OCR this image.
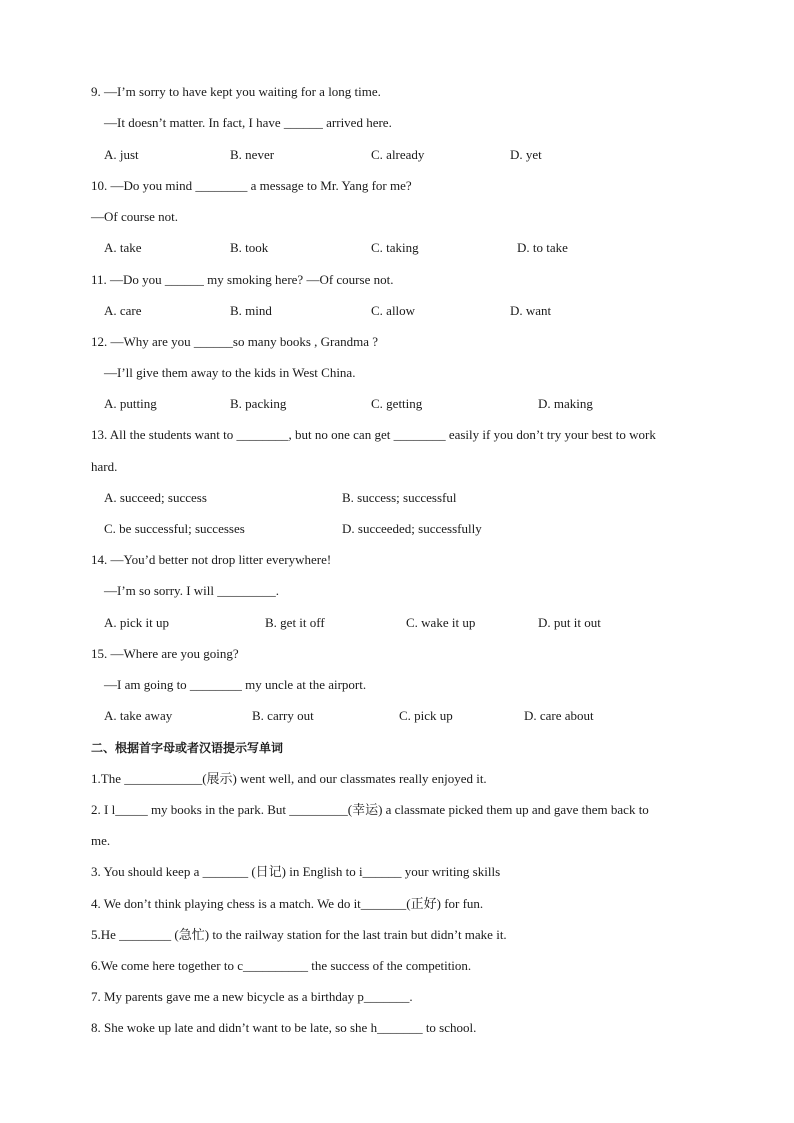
9. —I’m sorry to have kept you waiting for a long time.
—It doesn’t matter. In fact, I have ______ arrived here.
A. just	B. never	C. already	D. yet
10. —Do you mind ________ a message to Mr. Yang for me?
—Of course not.
A. take	B. took	C. taking	D. to take
11. —Do you ______ my smoking here? —Of course not.
A. care	B. mind	C. allow	D. want
12. —Why are you ______so many books , Grandma ?
—I’ll give them away to the kids in West China.
A. putting	B. packing	C. getting	D. making
13. All the students want to ________, but no one can get ________ easily if you don’t try your best to work
hard.
A. succeed; success	B. success; successful
C. be successful; successes	D. succeeded; successfully
14. —You’d better not drop litter everywhere!
—I’m so sorry. I will _________.
A. pick it up	B. get it off	C. wake it up	D. put it out
15. —Where are you going?
—I am going to ________ my uncle at the airport.
A. take away	B. carry out	C. pick up	D. care about
二、根据首字母或者汉语提示写单词
1.The ____________(展示) went well, and our classmates really enjoyed it.
2. I l_____ my books in the park. But _________(幸运) a classmate picked them up and gave them back to
me.
3. You should keep a _______ (日记) in English to i______ your writing skills
4. We don’t think playing chess is a match. We do it_______(正好) for fun.
5.He ________ (急忙) to the railway station for the last train but didn’t make it.
6.We come here together to c__________ the success of the competition.
7. My parents gave me a new bicycle as a birthday p_______.
8. She woke up late and didn’t want to be late, so she h_______ to school.
